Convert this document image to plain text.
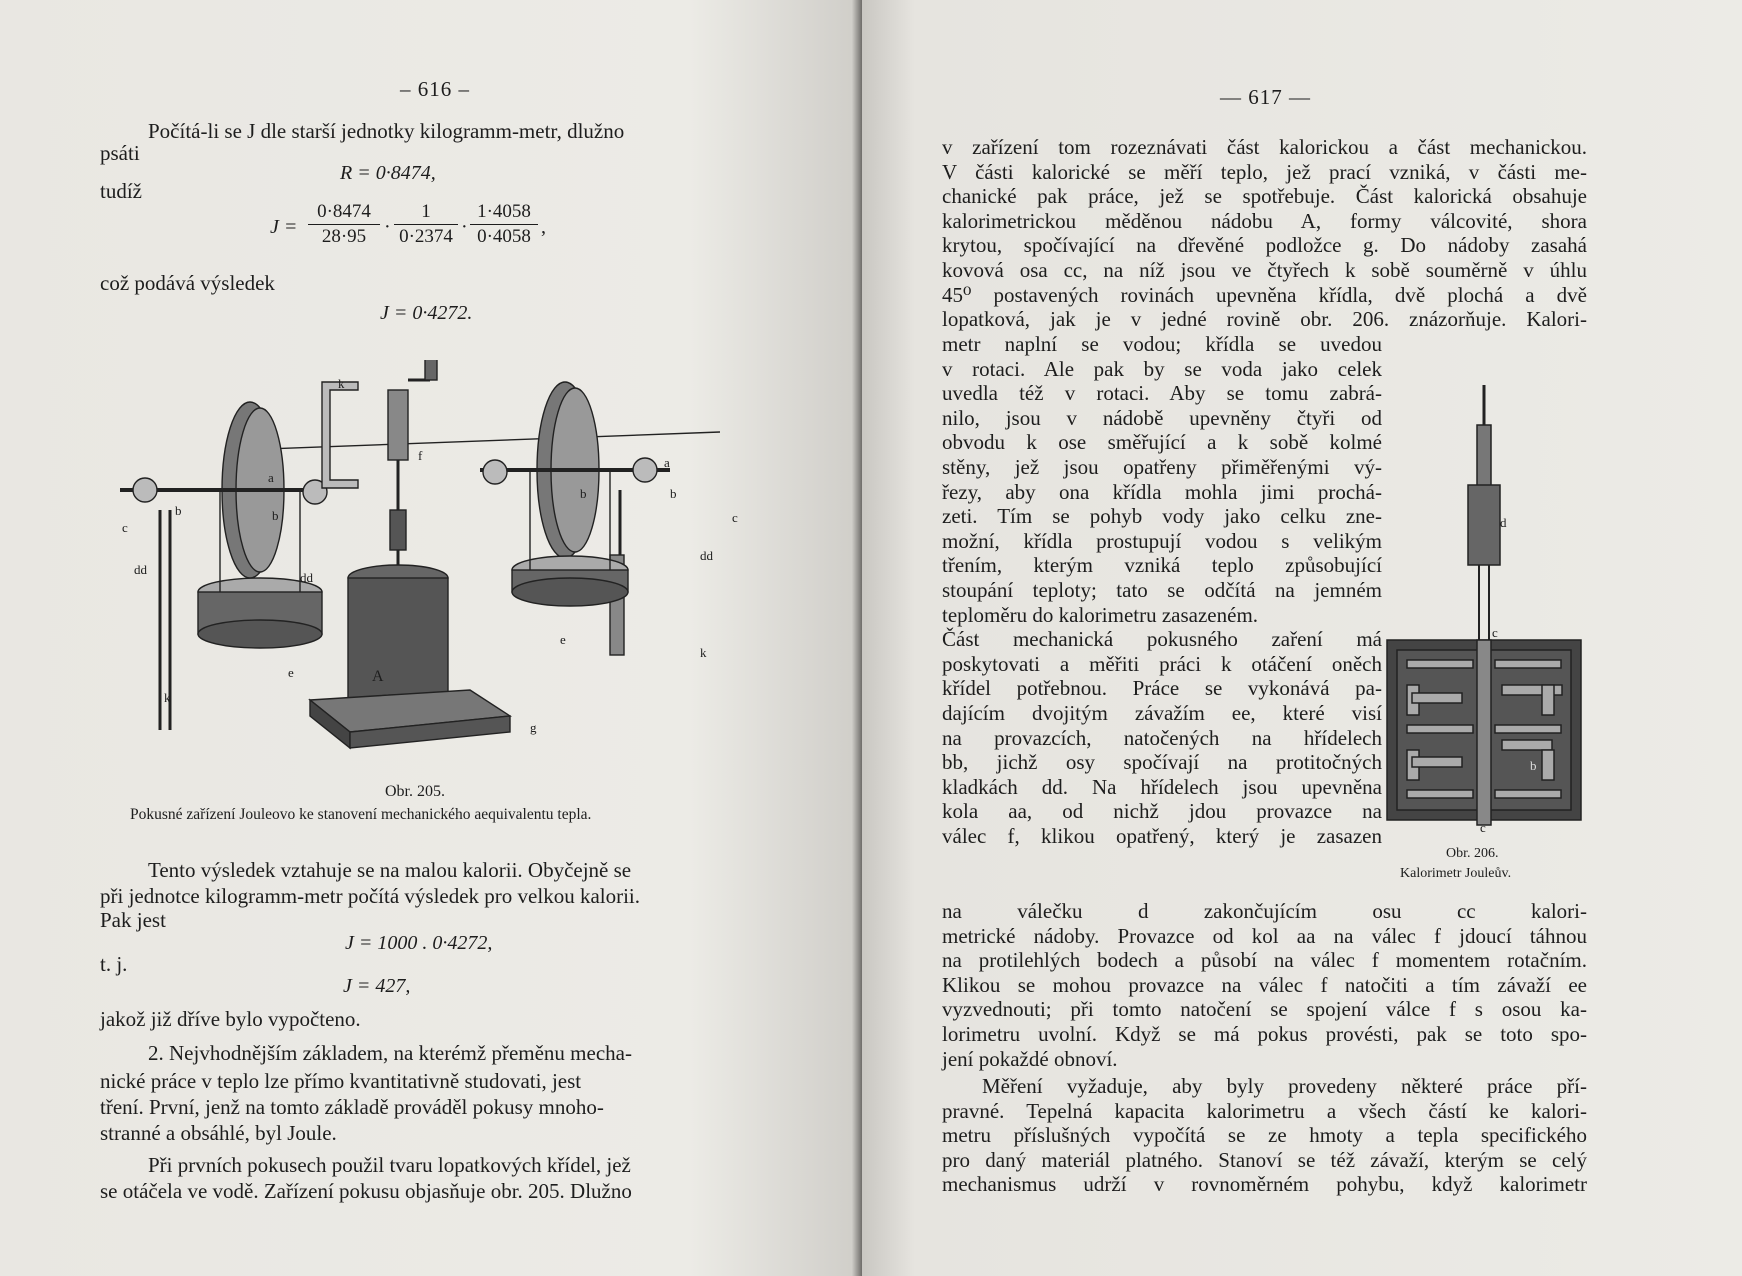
– 616 –
Počítá-li se J dle starší jednotky kilogramm-metr, dlužno
psáti
R = 0·8474,
tudíž
$J = \frac{0\cdot 8474}{28\cdot 95} \cdot \frac{1}{0\cdot 2374} \cdot \frac{1\cdot 4058}{0\cdot 4058}$ ,
což podává výsledek
J = 0·4272.
k
f
a
b	b
c
dd
dd
e
k
A
a
b	b
c
dd
e
k
g
Obr. 205.
Pokusné zařízení Jouleovo ke stanovení mechanického aequivalentu tepla.
Tento výsledek vztahuje se na malou kalorii. Obyčejně se
při jednotce kilogramm-metr počítá výsledek pro velkou kalorii.
Pak jest
J = 1000 . 0·4272,
t. j.
J = 427,
jakož již dříve bylo vypočteno.
2. Nejvhodnějším základem, na kterémž přeměnu mecha-
nické práce v teplo lze přímo kvantitativně studovati, jest
tření. První, jenž na tomto základě prováděl pokusy mnoho-
stranné a obsáhlé, byl Joule.
Při prvních pokusech použil tvaru lopatkových křídel, jež
se otáčela ve vodě. Zařízení pokusu objasňuje obr. 205. Dlužno
— 617 —
v zařízení tom rozeznávati část kalorickou a část mechanickou.
V části kalorické se měří teplo, jež prací vzniká, v části me-
chanické pak práce, jež se spotřebuje. Část kalorická obsahuje
kalorimetrickou měděnou nádobu A, formy válcovité, shora
krytou, spočívající na dřevěné podložce g. Do nádoby zasahá
kovová osa cc, na níž jsou ve čtyřech k sobě souměrně v úhlu
45⁰ postavených rovinách upevněna křídla, dvě plochá a dvě
lopatková, jak je v jedné rovině obr. 206. znázorňuje. Kalori-
metr naplní se vodou; křídla se uvedou
v rotaci. Ale pak by se voda jako celek
uvedla též v rotaci. Aby se tomu zabrá-
nilo, jsou v nádobě upevněny čtyři od
obvodu k ose směřující a k sobě kolmé
stěny, jež jsou opatřeny přiměřenými vý-
řezy, aby ona křídla mohla jimi prochá-
zeti. Tím se pohyb vody jako celku zne-
možní, křídla prostupují vodou s velikým
třením, kterým vzniká teplo způsobující
stoupání teploty; tato se odčítá na jemném
teploměru do kalorimetru zasazeném.
Část mechanická pokusného zaření má
poskytovati a měřiti práci k otáčení oněch
křídel potřebnou. Práce se vykonává pa-
dajícím dvojitým závažím ee, které visí
na provazcích, natočených na hřídelech
bb, jichž osy spočívají na protitočných
kladkách dd. Na hřídelech jsou upevněna
kola aa, od nichž jdou provazce na
válec f, klikou opatřený, který je zasazen
na válečku d zakončujícím osu cc kalori-
metrické nádoby. Provazce od kol aa na válec f jdoucí táhnou
na protilehlých bodech a působí na válec f momentem rotačním.
Klikou se mohou provazce na válec f natočiti a tím závaží ee
vyzvednouti; při tomto natočení se spojení válce f s osou ka-
lorimetru uvolní. Když se má pokus provésti, pak se toto spo-
jení pokaždé obnoví.
Měření vyžaduje, aby byly provedeny některé práce pří-
pravné. Tepelná kapacita kalorimetru a všech částí ke kalori-
metru příslušných vypočítá se ze hmoty a tepla specifického
pro daný materiál platného. Stanoví se též závaží, kterým se celý
mechanismus udrží v rovnoměrném pohybu, když kalorimetr
d
c
b
c
Obr. 206.
Kalorimetr Jouleův.
